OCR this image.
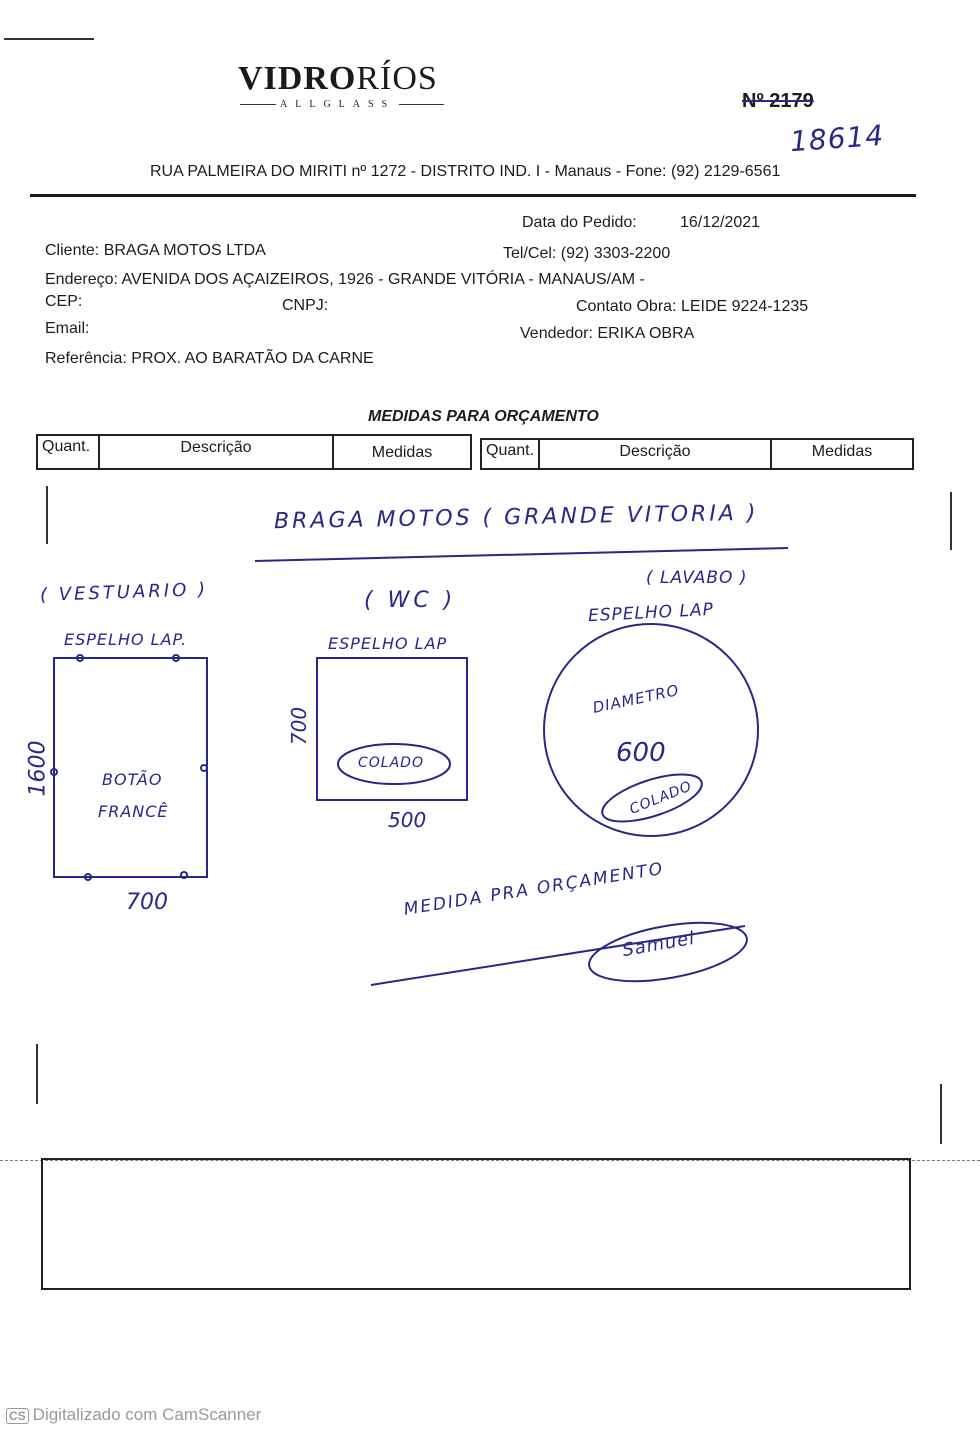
VIDRORÍOS
ALLGLASS	Nº 2179
18614
RUA PALMEIRA DO MIRITI nº 1272 - DISTRITO IND. I - Manaus - Fone: (92) 2129-6561
Data do Pedido:	16/12/2021
Cliente: BRAGA MOTOS LTDA	Tel/Cel: (92) 3303-2200
Endereço: AVENIDA DOS AÇAIZEIROS, 1926 - GRANDE VITÓRIA - MANAUS/AM -
CEP:	CNPJ:	Contato Obra: LEIDE 9224-1235
Email:	Vendedor: ERIKA OBRA
Referência: PROX. AO BARATÃO DA CARNE
MEDIDAS PARA ORÇAMENTO
Quant.	Descrição	Medidas	Quant.	Descrição	Medidas
BRAGA MOTOS ( GRANDE VITORIA )
( VESTUARIO )
ESPELHO LAP.
1600
700
BOTÃO
FRANCÊ
( WC )
ESPELHO LAP
700
500
COLADO
( LAVABO )
ESPELHO LAP
DIAMETRO
600
COLADO
MEDIDA PRA ORÇAMENTO
Samuel
CS Digitalizado com CamScanner
